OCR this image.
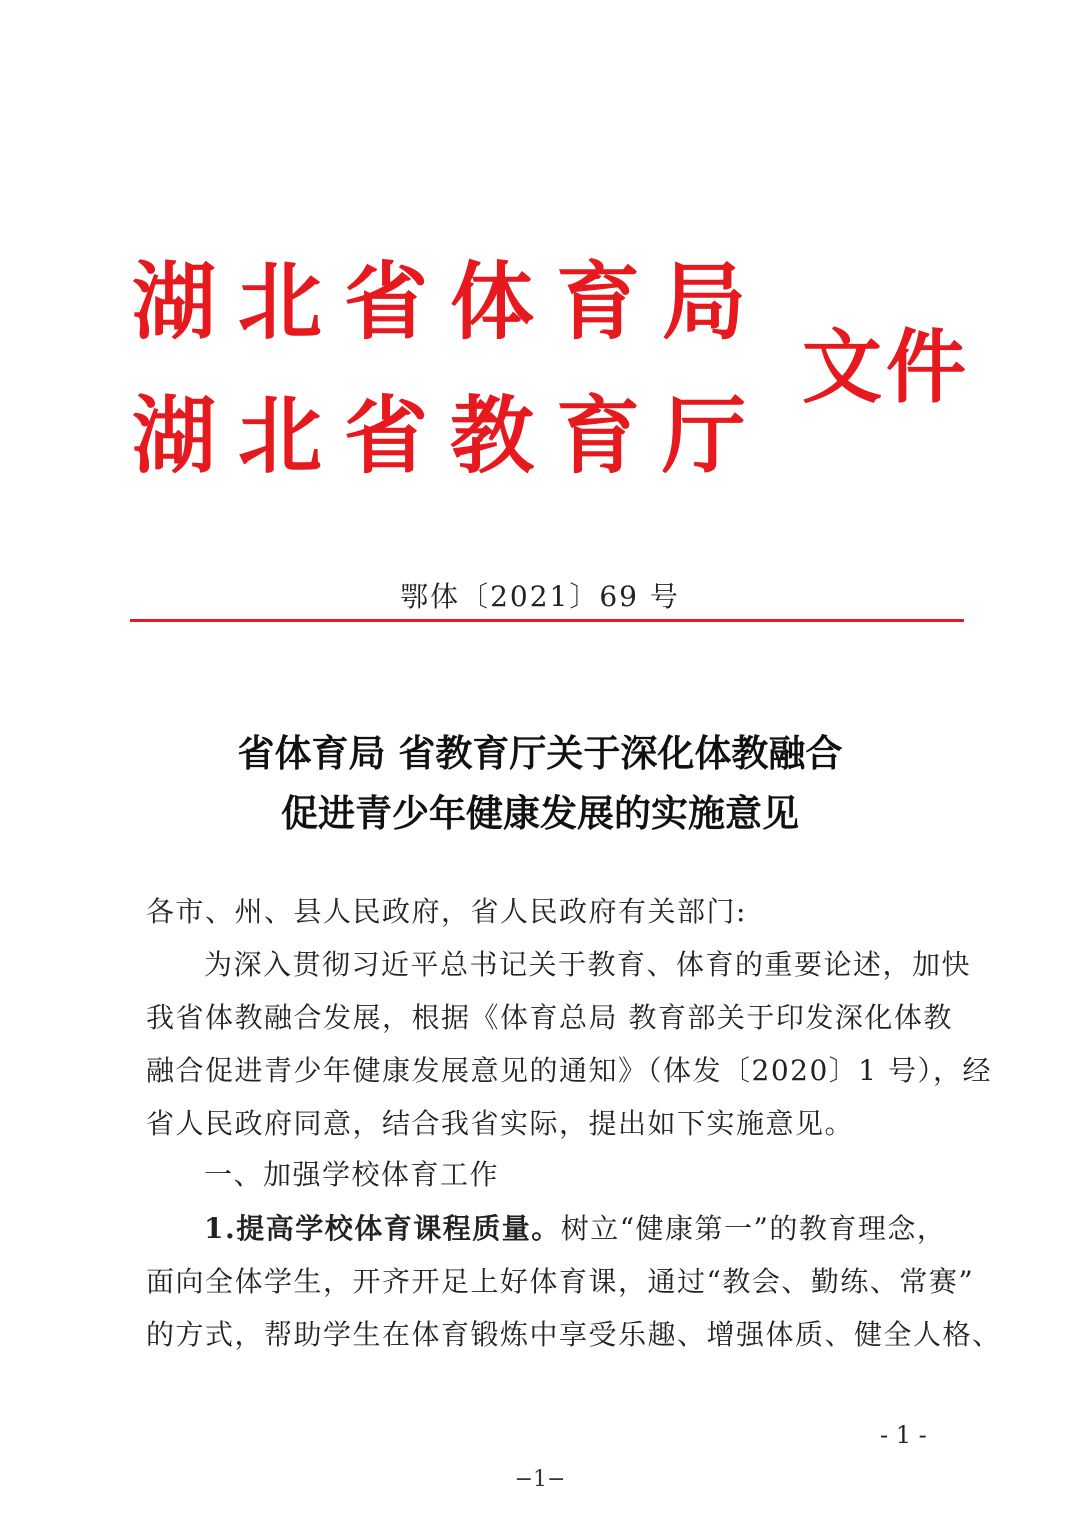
湖北省体育局
湖北省教育厅
文件
鄂体〔2021〕69 号
省体育局 省教育厅关于深化体教融合
促进青少年健康发展的实施意见
各市、州、县人民政府，省人民政府有关部门:
为深入贯彻习近平总书记关于教育、体育的重要论述，加快
我省体教融合发展，根据《体育总局 教育部关于印发深化体教
融合促进青少年健康发展意见的通知》（体发〔2020〕1 号），经
省人民政府同意，结合我省实际，提出如下实施意见。
一、加强学校体育工作
1.提高学校体育课程质量。树立“健康第一”的教育理念，
面向全体学生，开齐开足上好体育课，通过“教会、勤练、常赛”
的方式，帮助学生在体育锻炼中享受乐趣、增强体质、健全人格、
- 1 -
−1−
